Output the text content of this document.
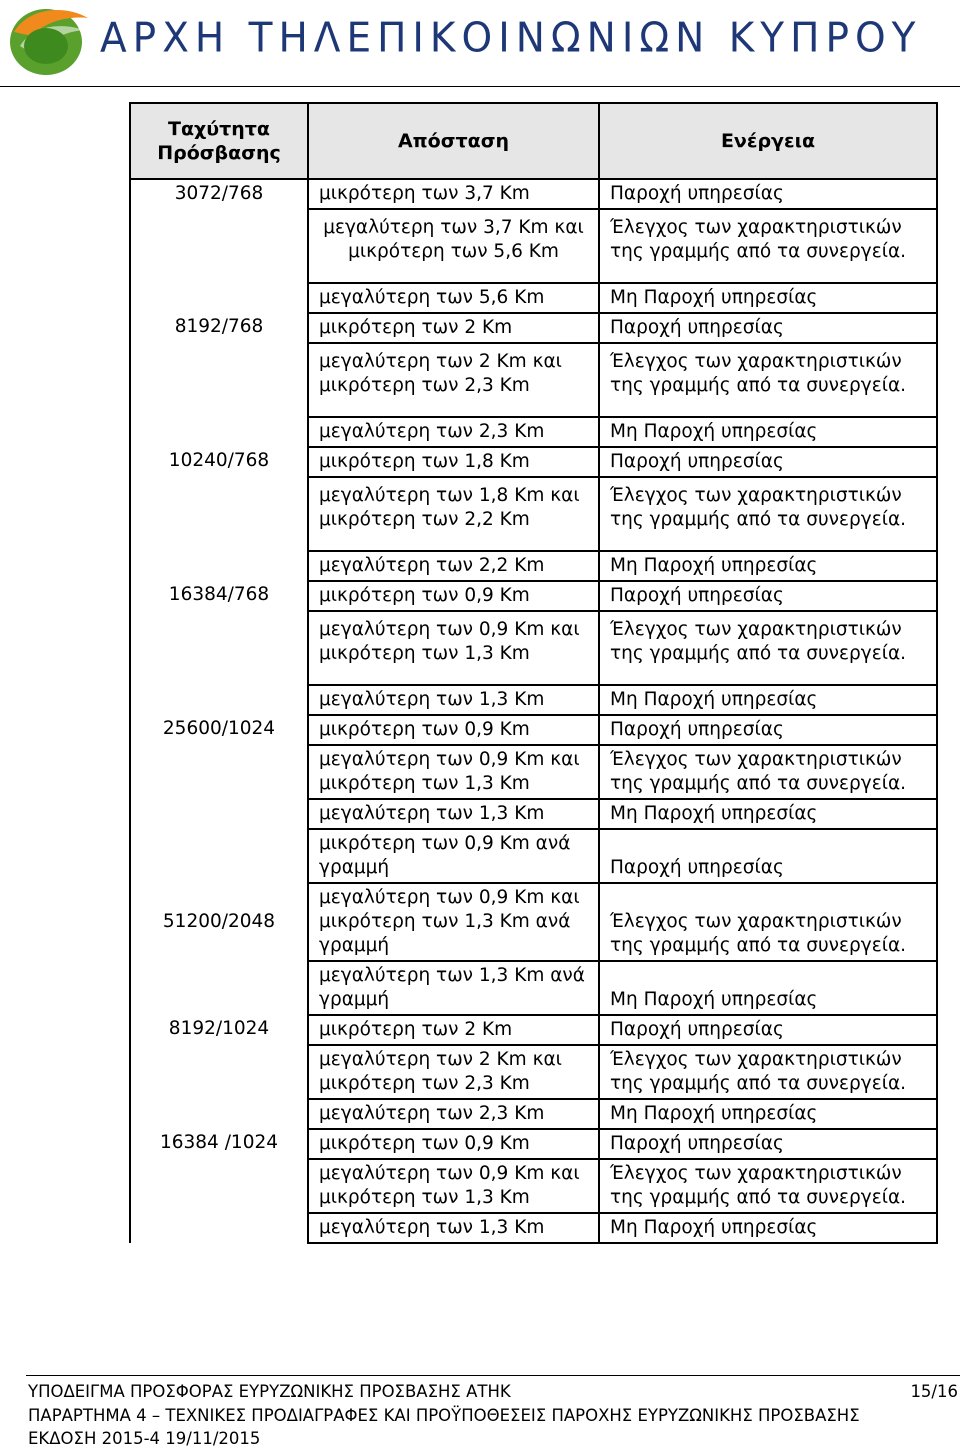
ΑΡΧΗ ΤΗΛΕΠΙΚΟΙΝΩΝΙΩΝ ΚΥΠΡΟΥ
Ταχύτητα Πρόσβασης	Απόσταση	Ενέργεια
3072/768	μικρότερη των 3,7 Km	Παροχή υπηρεσίας
	μεγαλύτερη των 3,7 Km και μικρότερη των 5,6 Km	Έλεγχος των χαρακτηριστικών της γραμμής από τα συνεργεία.
	μεγαλύτερη των 5,6 Km	Μη Παροχή υπηρεσίας
8192/768	μικρότερη των 2 Km	Παροχή υπηρεσίας
	μεγαλύτερη των 2 Km και μικρότερη των 2,3 Km	Έλεγχος των χαρακτηριστικών της γραμμής από τα συνεργεία.
	μεγαλύτερη των 2,3 Km	Μη Παροχή υπηρεσίας
10240/768	μικρότερη των 1,8 Km	Παροχή υπηρεσίας
	μεγαλύτερη των 1,8 Km και μικρότερη των 2,2 Km	Έλεγχος των χαρακτηριστικών της γραμμής από τα συνεργεία.
	μεγαλύτερη των 2,2 Km	Μη Παροχή υπηρεσίας
16384/768	μικρότερη των 0,9 Km	Παροχή υπηρεσίας
	μεγαλύτερη των 0,9 Km και μικρότερη των 1,3 Km	Έλεγχος των χαρακτηριστικών της γραμμής από τα συνεργεία.
	μεγαλύτερη των 1,3 Km	Μη Παροχή υπηρεσίας
25600/1024	μικρότερη των 0,9 Km	Παροχή υπηρεσίας
	μεγαλύτερη των 0,9 Km και μικρότερη των 1,3 Km	Έλεγχος των χαρακτηριστικών της γραμμής από τα συνεργεία.
	μεγαλύτερη των 1,3 Km	Μη Παροχή υπηρεσίας
51200/2048	μικρότερη των 0,9 Km ανά γραμμή	Παροχή υπηρεσίας
	μεγαλύτερη των 0,9 Km και μικρότερη των 1,3 Km ανά γραμμή	Έλεγχος των χαρακτηριστικών της γραμμής από τα συνεργεία.
	μεγαλύτερη των 1,3 Km ανά γραμμή	Μη Παροχή υπηρεσίας
8192/1024	μικρότερη των 2 Km	Παροχή υπηρεσίας
	μεγαλύτερη των 2 Km και μικρότερη των 2,3 Km	Έλεγχος των χαρακτηριστικών της γραμμής από τα συνεργεία.
	μεγαλύτερη των 2,3 Km	Μη Παροχή υπηρεσίας
16384 /1024	μικρότερη των 0,9 Km	Παροχή υπηρεσίας
	μεγαλύτερη των 0,9 Km και μικρότερη των 1,3 Km	Έλεγχος των χαρακτηριστικών της γραμμής από τα συνεργεία.
	μεγαλύτερη των 1,3 Km	Μη Παροχή υπηρεσίας
ΥΠΟΔΕΙΓΜΑ ΠΡΟΣΦΟΡΑΣ ΕΥΡΥΖΩΝΙΚΗΣ ΠΡΟΣΒΑΣΗΣ ΑΤΗΚ
ΠΑΡΑΡΤΗΜΑ 4 – ΤΕΧΝΙΚΕΣ ΠΡΟΔΙΑΓΡΑΦΕΣ ΚΑΙ ΠΡΟΫΠΟΘΕΣΕΙΣ ΠΑΡΟΧΗΣ ΕΥΡΥΖΩΝΙΚΗΣ ΠΡΟΣΒΑΣΗΣ
ΕΚΔΟΣΗ 2015-4 19/11/2015
15/16
